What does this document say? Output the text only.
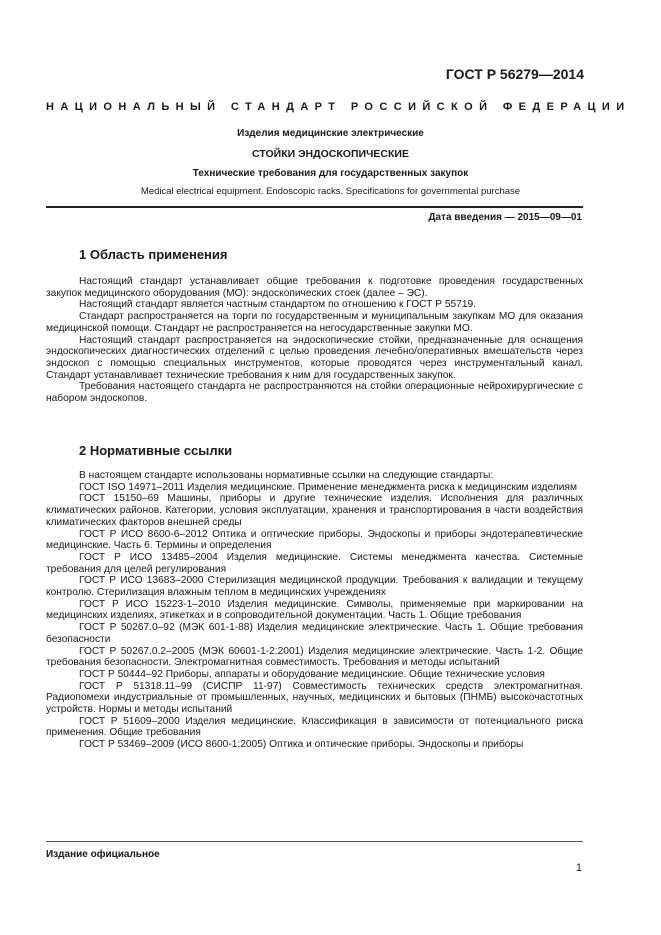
ГОСТ Р 56279—2014
НАЦИОНАЛЬНЫЙ СТАНДАРТ РОССИЙСКОЙ ФЕДЕРАЦИИ
Изделия медицинские электрические
СТОЙКИ ЭНДОСКОПИЧЕСКИЕ
Технические требования для государственных закупок
Medical electrical equipment. Endoscopic racks. Specifications for governmental purchase
Дата введения — 2015—09—01
1 Область применения

Настоящий стандарт устанавливает общие требования к подготовке проведения государственных закупок медицинского оборудования (МО): эндоскопических стоек (далее – ЭС).

Настоящий стандарт является частным стандартом по отношению к ГОСТ Р 55719.

Стандарт распространяется на торги по государственным и муниципальным закупкам МО для оказания медицинской помощи. Стандарт не распространяется на негосударственные закупки МО.

Настоящий стандарт распространяется на эндоскопические стойки, предназначенные для оснащения эндоскопических диагностических отделений с целью проведения лечебно/оперативных вмешательств через эндоскоп с помощью специальных инструментов, которые проводятся через инструментальный канал. Стандарт устанавливает технические требования к ним для государственных закупок.

Требования настоящего стандарта не распространяются на стойки операционные нейрохирургические с набором эндоскопов.

2 Нормативные ссылки

В настоящем стандарте использованы нормативные ссылки на следующие стандарты:

ГОСТ ISO 14971–2011 Изделия медицинские. Применение менеджмента риска к медицинским изделиям

ГОСТ 15150–69 Машины, приборы и другие технические изделия. Исполнения для различных климатических районов. Категории, условия эксплуатации, хранения и транспортирования в части воздействия климатических факторов внешней среды

ГОСТ Р ИСО 8600-6–2012 Оптика и оптические приборы. Эндоскопы и приборы эндотерапевтические медицинские. Часть 6. Термины и определения

ГОСТ Р ИСО 13485–2004 Изделия медицинские. Системы менеджмента качества. Системные требования для целей регулирования

ГОСТ Р ИСО 13683–2000 Стерилизация медицинской продукции. Требования к валидации и текущему контролю. Стерилизация влажным теплом в медицинских учреждениях

ГОСТ Р ИСО 15223-1–2010 Изделия медицинские. Символы, применяемые при маркировании на медицинских изделиях, этикетках и в сопроводительной документации. Часть 1. Общие требования

ГОСТ Р 50267.0–92 (МЭК 601-1-88) Изделия медицинские электрические. Часть 1. Общие требования безопасности

ГОСТ Р 50267.0.2–2005 (МЭК 60601-1-2:2001) Изделия медицинские электрические. Часть 1-2. Общие требования безопасности. Электромагнитная совместимость. Требования и методы испытаний

ГОСТ Р 50444–92 Приборы, аппараты и оборудование медицинские. Общие технические условия

ГОСТ Р 51318.11–99 (СИСПР 11-97) Совместимость технических средств электромагнитная. Радиопомехи индустриальные от промышленных, научных, медицинских и бытовых (ПНМБ) высокочастотных устройств. Нормы и методы испытаний

ГОСТ Р 51609–2000 Изделия медицинские. Классификация в зависимости от потенциального риска применения. Общие требования

ГОСТ Р 53469–2009 (ИСО 8600-1:2005) Оптика и оптические приборы. Эндоскопы и приборы

Издание официальное
1
